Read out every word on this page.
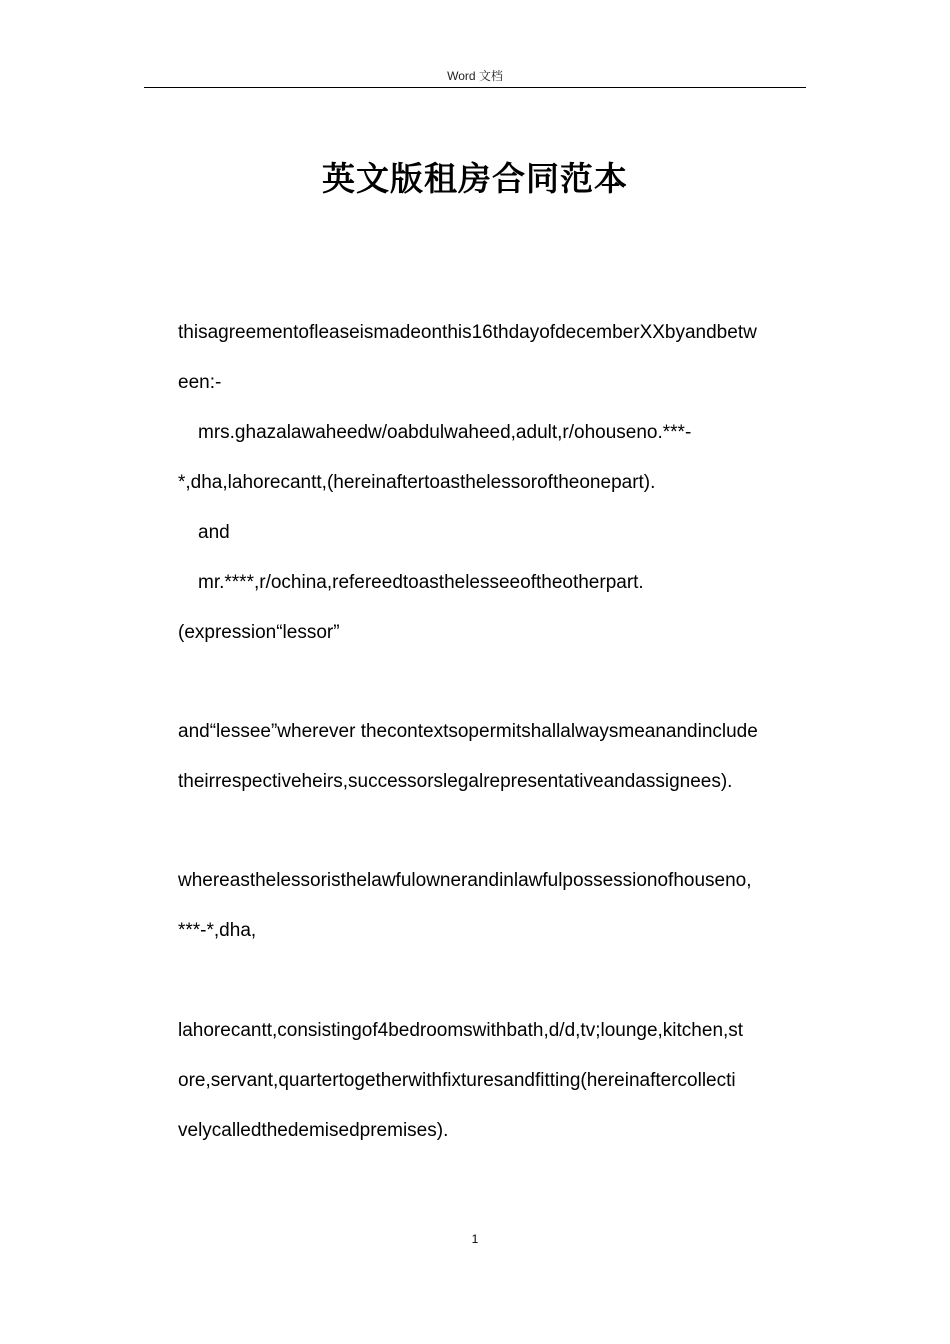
Word 文档
英文版租房合同范本
thisagreementofleaseismadeonthis16thdayofdecemberXXbyandbetw
een:-
mrs.ghazalawaheedw/oabdulwaheed,adult,r/ohouseno.***-
*,dha,lahorecantt,(hereinaftertoasthelessoroftheonepart).
and
mr.****,r/ochina,refereedtoasthelesseeoftheotherpart.
(expression“lessor”
and“lessee”wherever thecontextsopermitshallalwaysmeanandinclude
theirrespectiveheirs,successorslegalrepresentativeandassignees).
whereasthelessoristhelawfulownerandinlawfulpossessionofhouseno,
***-*,dha,
lahorecantt,consistingof4bedroomswithbath,d/d,tv;lounge,kitchen,st
ore,servant,quartertogetherwithfixturesandfitting(hereinaftercollecti
velycalledthedemisedpremises).
1
